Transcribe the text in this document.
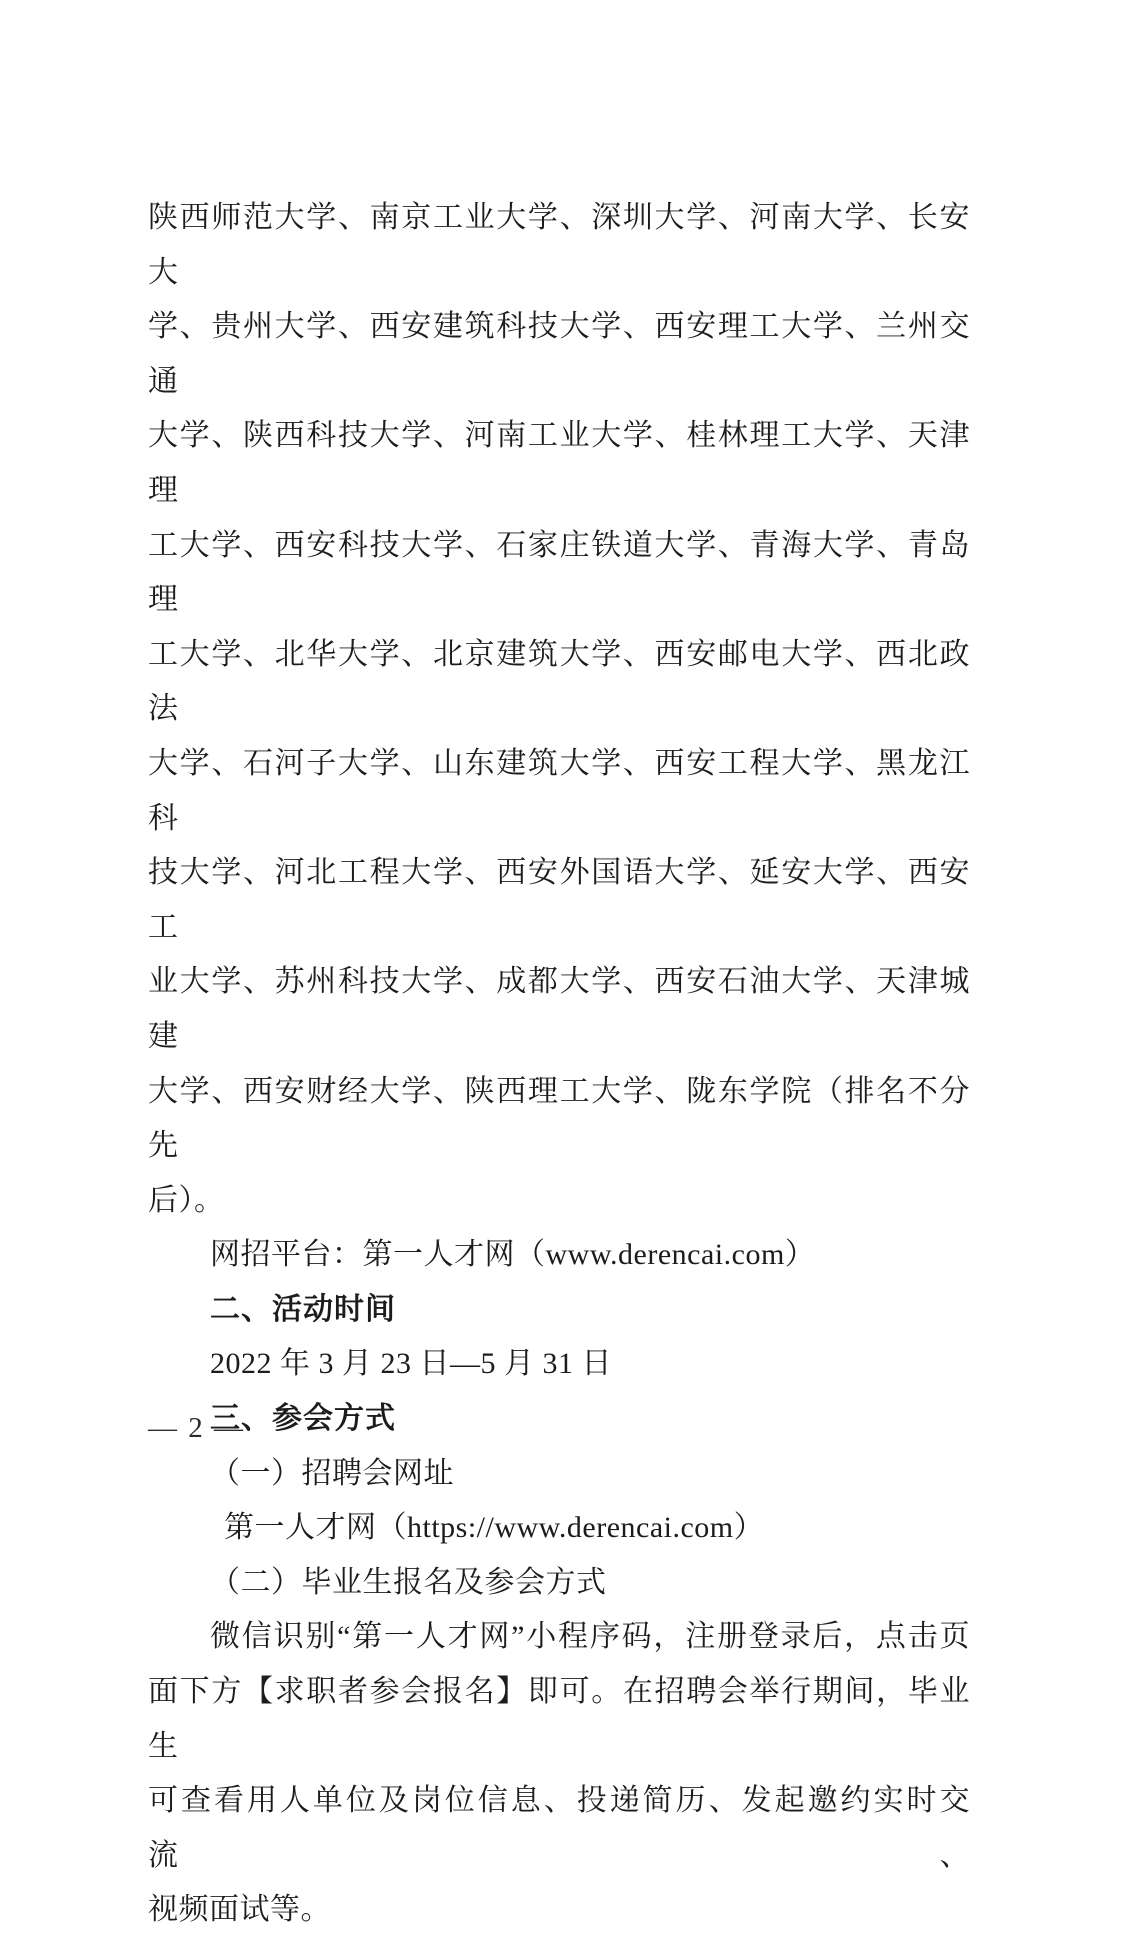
陕西师范大学、南京工业大学、深圳大学、河南大学、长安大
学、贵州大学、西安建筑科技大学、西安理工大学、兰州交通
大学、陕西科技大学、河南工业大学、桂林理工大学、天津理
工大学、西安科技大学、石家庄铁道大学、青海大学、青岛理
工大学、北华大学、北京建筑大学、西安邮电大学、西北政法
大学、石河子大学、山东建筑大学、西安工程大学、黑龙江科
技大学、河北工程大学、西安外国语大学、延安大学、西安工
业大学、苏州科技大学、成都大学、西安石油大学、天津城建
大学、西安财经大学、陕西理工大学、陇东学院（排名不分先
后）。
网招平台：第一人才网（www.derencai.com）
二、活动时间
2022 年 3 月 23 日—5 月 31 日
三、参会方式
（一）招聘会网址
第一人才网（https://www.derencai.com）
（二）毕业生报名及参会方式
微信识别“第一人才网”小程序码，注册登录后，点击页
面下方【求职者参会报名】即可。在招聘会举行期间，毕业生
可查看用人单位及岗位信息、投递简历、发起邀约实时交流、
视频面试等。
— 2 —
